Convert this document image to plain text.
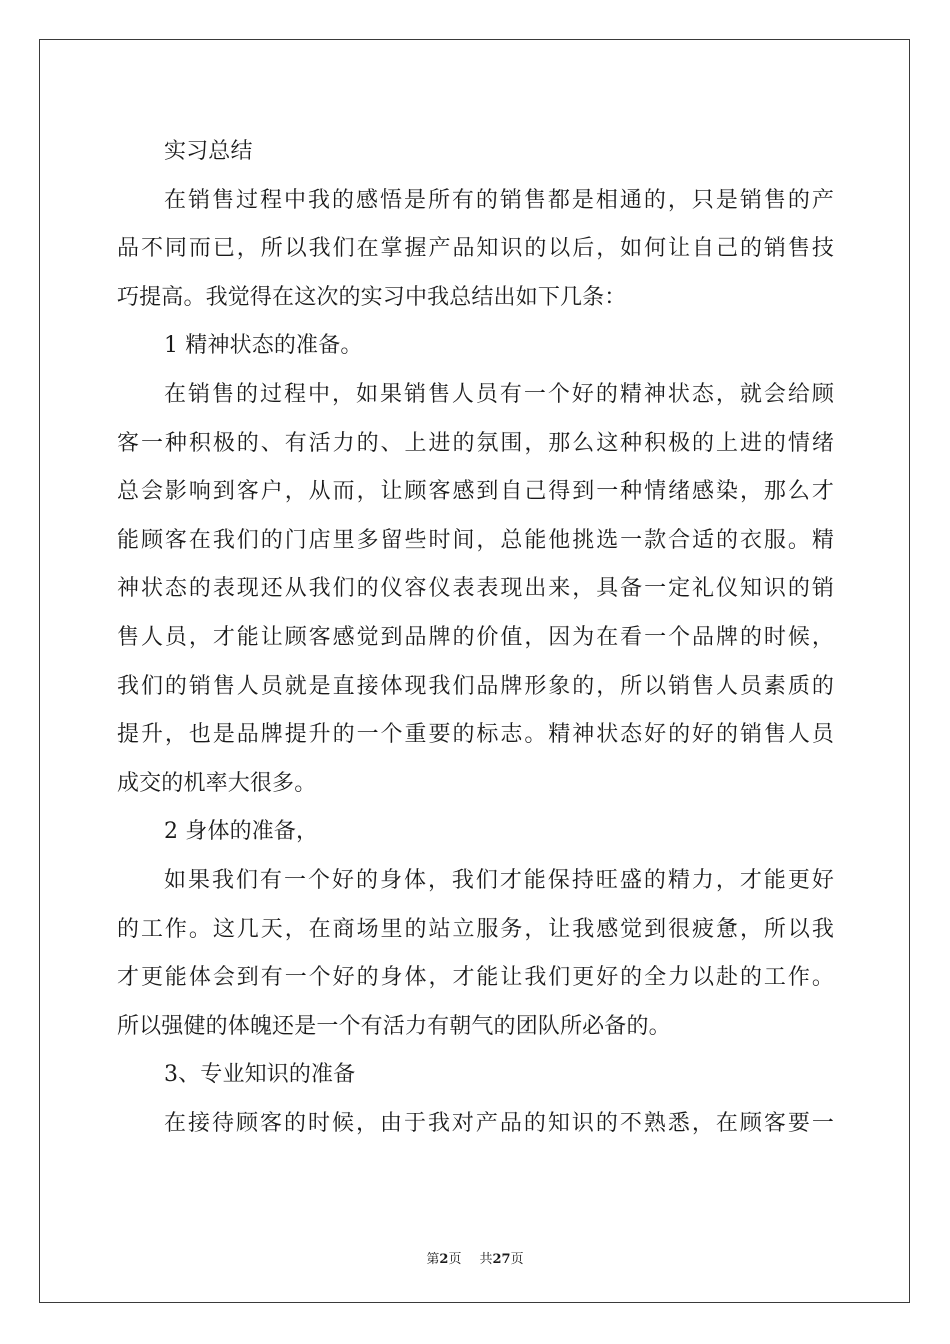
实习总结
在销售过程中我的感悟是所有的销售都是相通的，只是销售的产
品不同而已，所以我们在掌握产品知识的以后，如何让自己的销售技
巧提高。我觉得在这次的实习中我总结出如下几条：
1 精神状态的准备。
在销售的过程中，如果销售人员有一个好的精神状态，就会给顾
客一种积极的、有活力的、上进的氛围，那么这种积极的上进的情绪
总会影响到客户，从而，让顾客感到自己得到一种情绪感染，那么才
能顾客在我们的门店里多留些时间，总能他挑选一款合适的衣服。精
神状态的表现还从我们的仪容仪表表现出来，具备一定礼仪知识的销
售人员，才能让顾客感觉到品牌的价值，因为在看一个品牌的时候，
我们的销售人员就是直接体现我们品牌形象的，所以销售人员素质的
提升，也是品牌提升的一个重要的标志。精神状态好的好的销售人员
成交的机率大很多。
2 身体的准备，
如果我们有一个好的身体，我们才能保持旺盛的精力，才能更好
的工作。这几天，在商场里的站立服务，让我感觉到很疲惫，所以我
才更能体会到有一个好的身体，才能让我们更好的全力以赴的工作。
所以强健的体魄还是一个有活力有朝气的团队所必备的。
3、专业知识的准备
在接待顾客的时候，由于我对产品的知识的不熟悉，在顾客要一
第2页 共27页
